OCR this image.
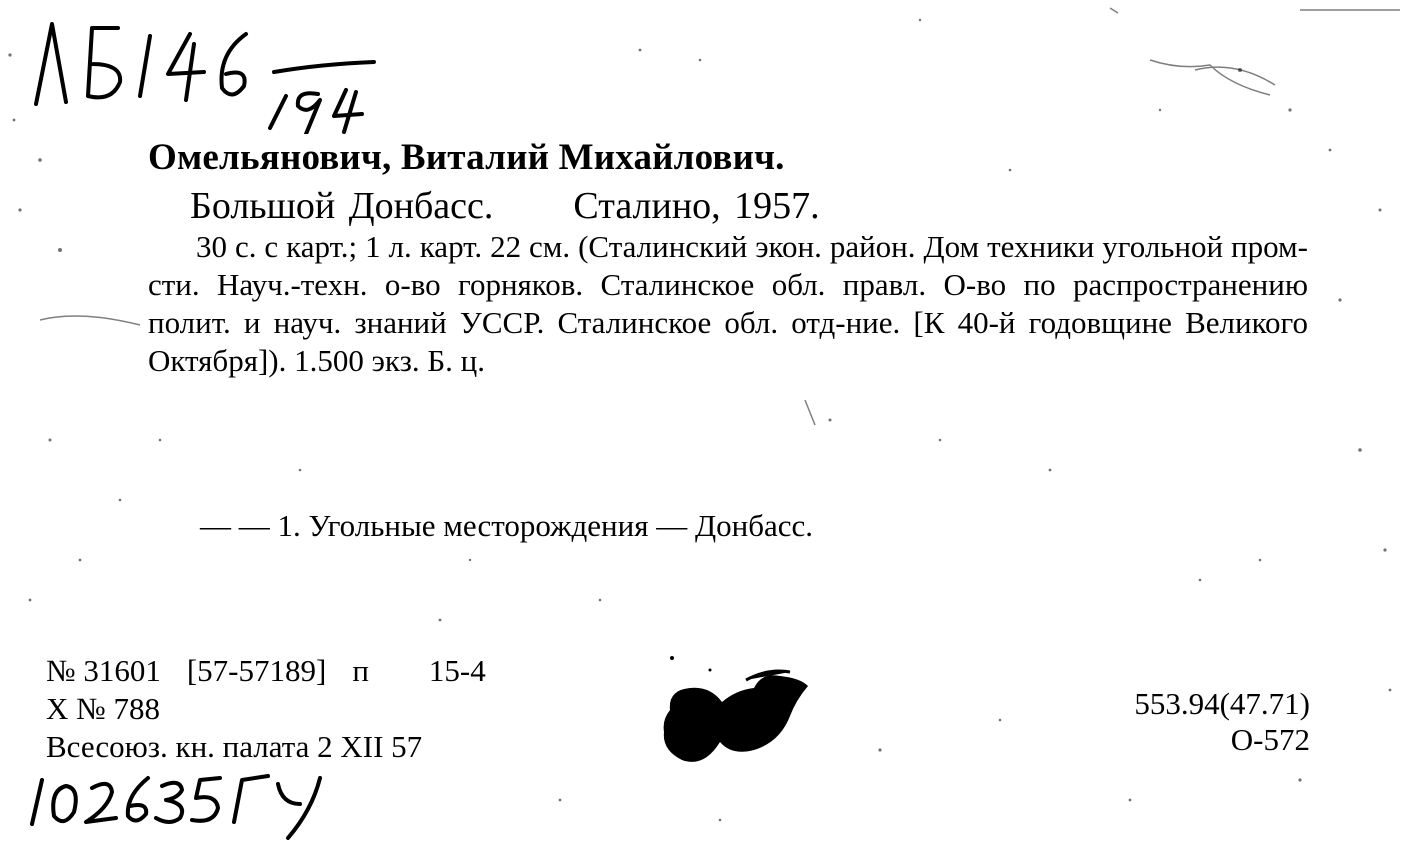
Омельянович, Виталий Михайлович.
Большой Донбасс. Сталино, 1957.
30 с. с карт.; 1 л. карт. 22 см. (Сталинский экон. район. Дом техники угольной пром-сти. Науч.-техн. о-во горняков. Сталинское обл. правл. О-во по распространению полит. и науч. знаний УССР. Сталинское обл. отд-ние. [К 40-й годовщине Великого Октября]). 1.500 экз. Б. ц.
— — 1. Угольные месторождения — Донбасс.
№ 31601 [57-57189] п 15-4
Х № 788
Всесоюз. кн. палата 2 XII 57
553.94(47.71)
О-572
